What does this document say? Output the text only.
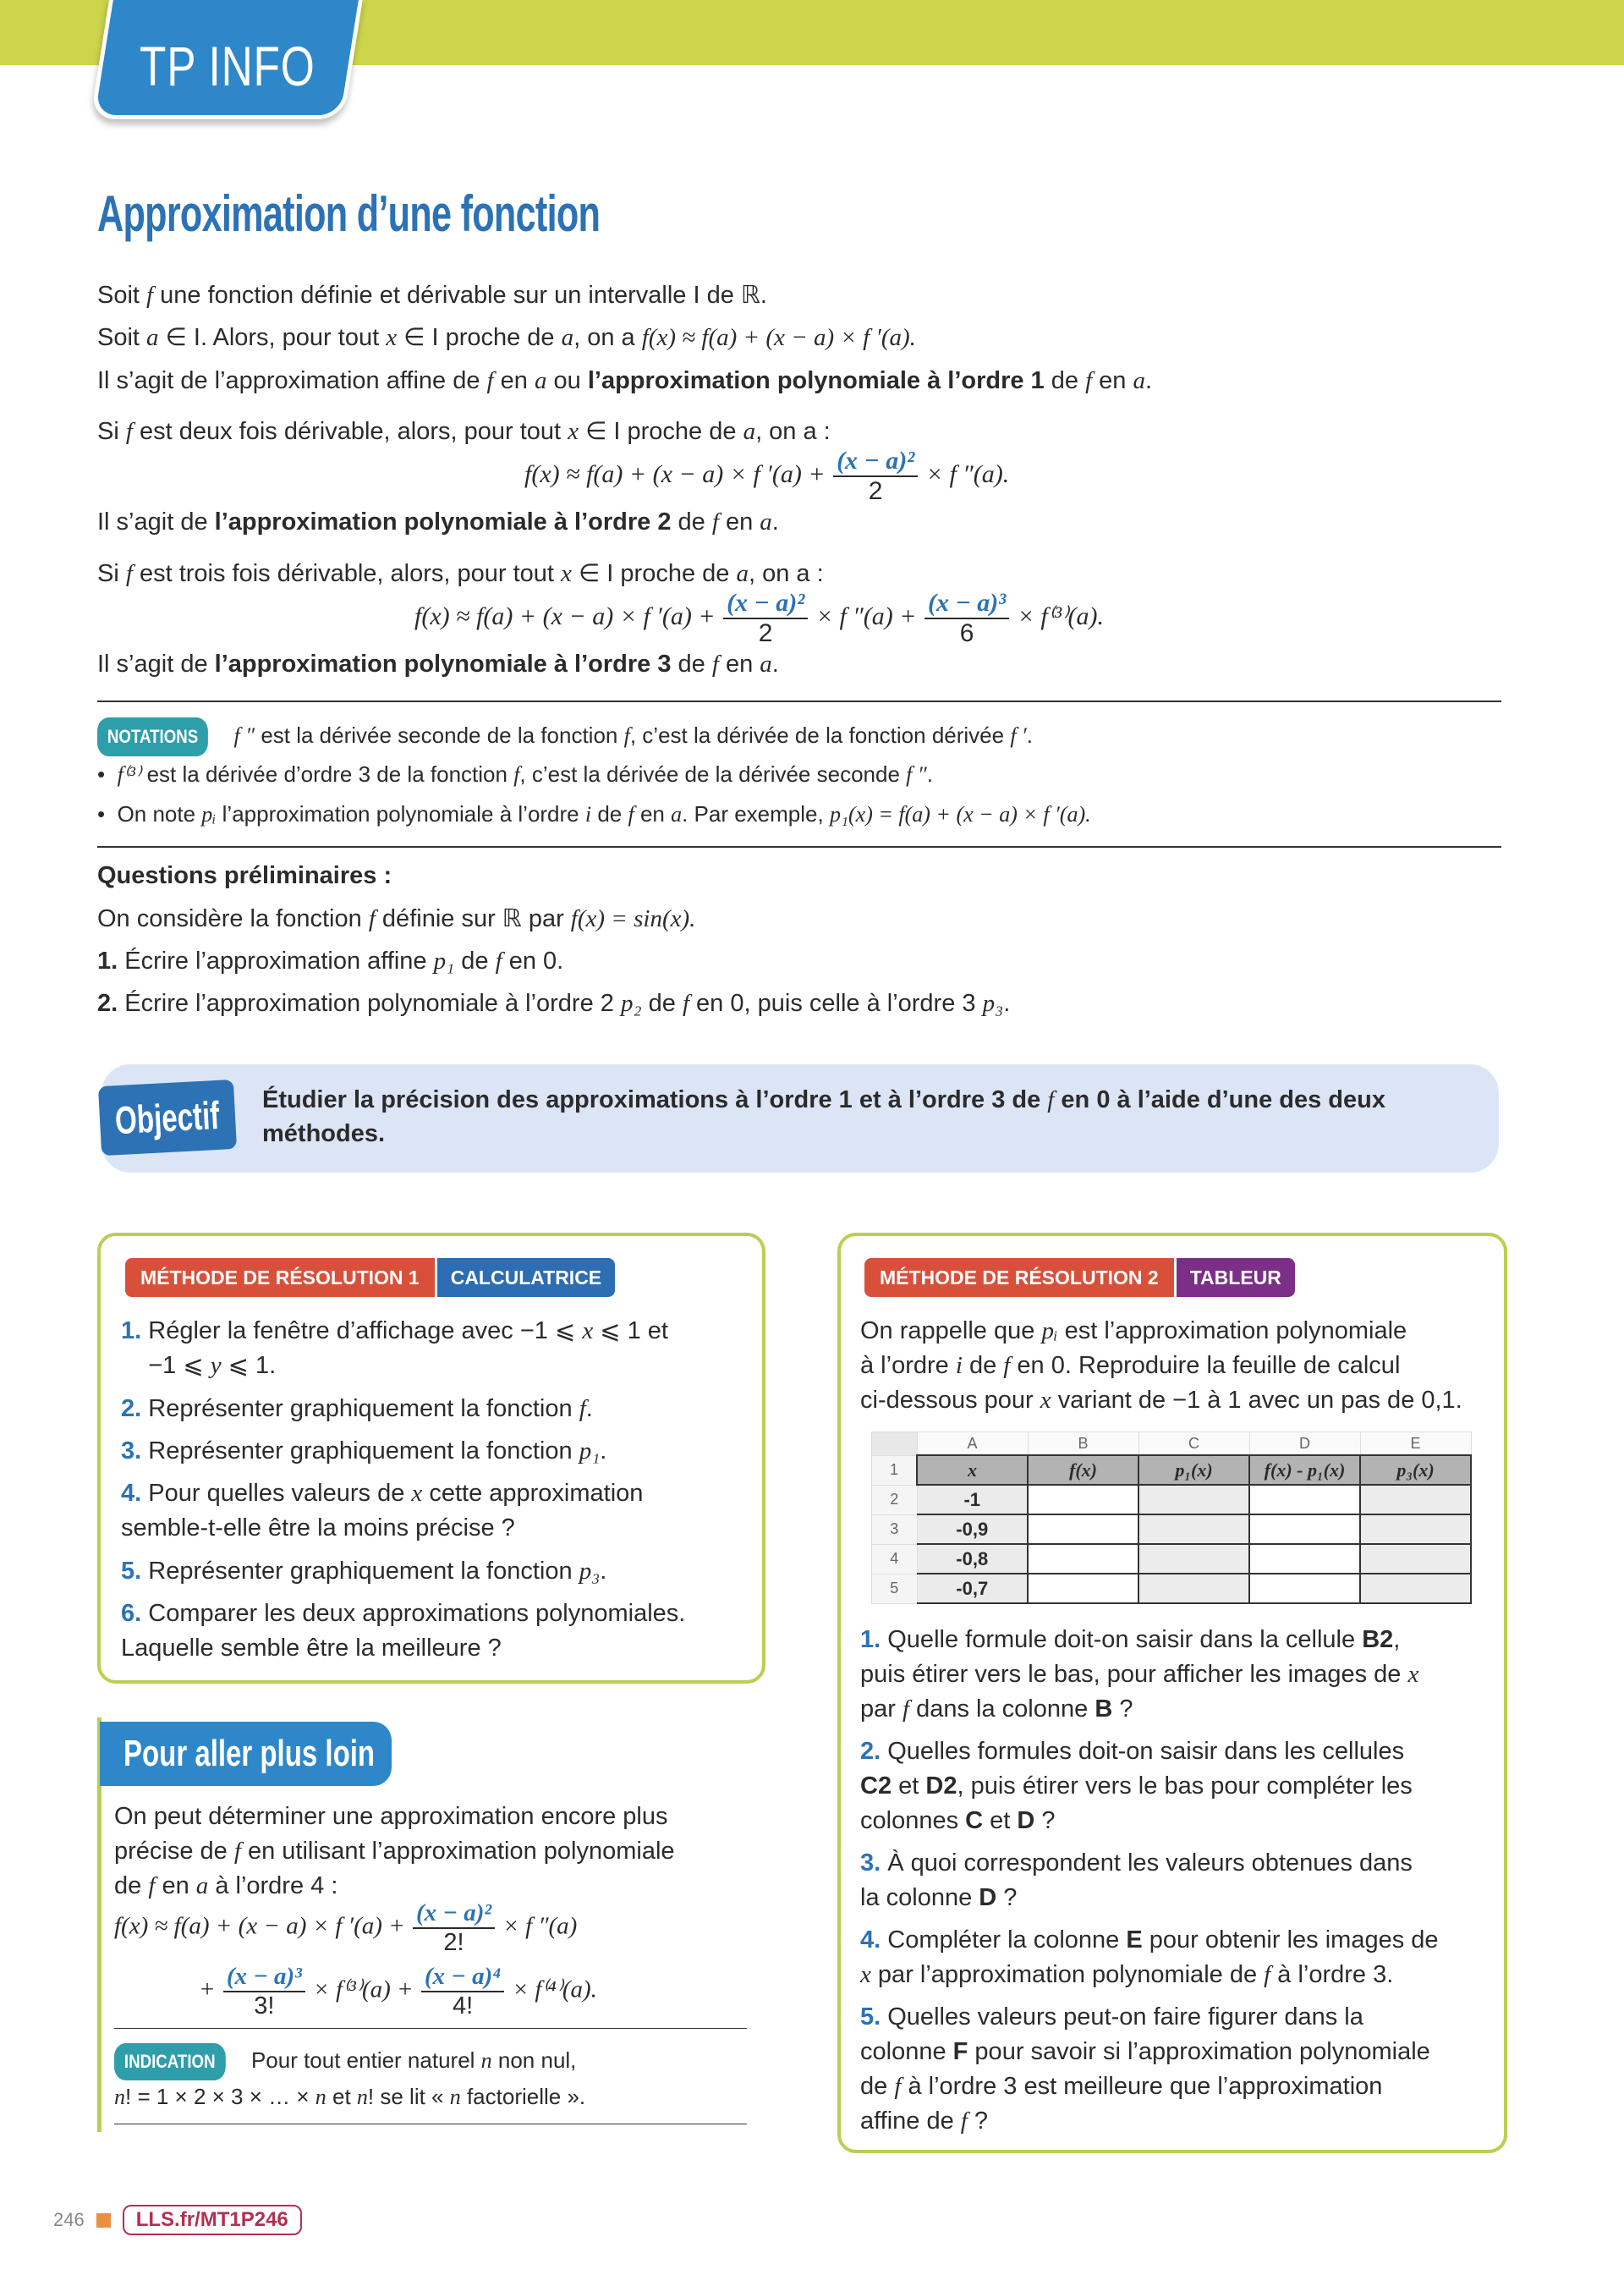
TP INFO
Approximation d’une fonction
Soit f une fonction définie et dérivable sur un intervalle I de ℝ.
Soit a ∈ I. Alors, pour tout x ∈ I proche de a, on a f(x) ≈ f(a) + (x − a) × f ′(a).
Il s’agit de l’approximation affine de f en a ou l’approximation polynomiale à l’ordre 1 de f en a.
Si f est deux fois dérivable, alors, pour tout x ∈ I proche de a, on a :
f(x) ≈ f(a) + (x − a) × f $'(a) + \frac{\text{(x − a)²}}{2} \times f$ ″(a).
Il s’agit de l’approximation polynomiale à l’ordre 2 de f en a.
Si f est trois fois dérivable, alors, pour tout x ∈ I proche de a, on a :
f(x) ≈ f(a) + (x − a) × f $'(a) + \frac{\text{(x − a)²}}{2} \times f$ $''(a) + \frac{\text{(x − a)³}}{6} \times f^{(3)}(a)$.
Il s’agit de l’approximation polynomiale à l’ordre 3 de f en a.
NOTATIONS f ″ est la dérivée seconde de la fonction f, c’est la dérivée de la fonction dérivée f ′.
•  f⁽³⁾ est la dérivée d’ordre 3 de la fonction f, c’est la dérivée de la dérivée seconde f ″.
•  On note pᵢ l’approximation polynomiale à l’ordre i de f en a. Par exemple, p₁(x) = f(a) + (x − a) × f ′(a).
Questions préliminaires :
On considère la fonction f définie sur ℝ par f(x) = sin(x).
1. Écrire l’approximation affine p₁ de f en 0.
2. Écrire l’approximation polynomiale à l’ordre 2 p₂ de f en 0, puis celle à l’ordre 3 p₃.
Objectif Étudier la précision des approximations à l’ordre 1 et à l’ordre 3 de f en 0 à l’aide d’une des deux
méthodes.
MÉTHODE DE RÉSOLUTION 1	CALCULATRICE
1. Régler la fenêtre d’affichage avec −1 ⩽ x ⩽ 1 et
−1 ⩽ y ⩽ 1.
2. Représenter graphiquement la fonction f.
3. Représenter graphiquement la fonction p₁.
4. Pour quelles valeurs de x cette approximation
semble-t-elle être la moins précise ?
5. Représenter graphiquement la fonction p₃.
6. Comparer les deux approximations polynomiales.
Laquelle semble être la meilleure ?
Pour aller plus loin
On peut déterminer une approximation encore plus
précise de f en utilisant l’approximation polynomiale
de f en a à l’ordre 4 :
f(x) ≈ f(a) + (x − a) × f $'(a) + \frac{\text{(x − a)²}}{2!} \times f$ ″(a)
+ $\frac{\text{(x − a)³}}{3!} \times f^{(3)}(a) + \frac{\text{(x − a)⁴}}{4!} \times f^{(4)}(a)$.
INDICATION Pour tout entier naturel n non nul,
n! = 1 × 2 × 3 × … × n et n! se lit « n factorielle ».
MÉTHODE DE RÉSOLUTION 2	TABLEUR
On rappelle que pᵢ est l’approximation polynomiale
à l’ordre i de f en 0. Reproduire la feuille de calcul
ci-dessous pour x variant de −1 à 1 avec un pas de 0,1.
	A	B	C	D	E
1	x	f(x)	p₁(x)	f(x) - p₁(x)	p₃(x)
2	-1				
3	-0,9				
4	-0,8				
5	-0,7				
1. Quelle formule doit-on saisir dans la cellule B2,
puis étirer vers le bas, pour afficher les images de x
par f dans la colonne B ?
2. Quelles formules doit-on saisir dans les cellules
C2 et D2, puis étirer vers le bas pour compléter les
colonnes C et D ?
3. À quoi correspondent les valeurs obtenues dans
la colonne D ?
4. Compléter la colonne E pour obtenir les images de
x par l’approximation polynomiale de f à l’ordre 3.
5. Quelles valeurs peut-on faire figurer dans la
colonne F pour savoir si l’approximation polynomiale
de f à l’ordre 3 est meilleure que l’approximation
affine de f ?
246	LLS.fr/MT1P246
